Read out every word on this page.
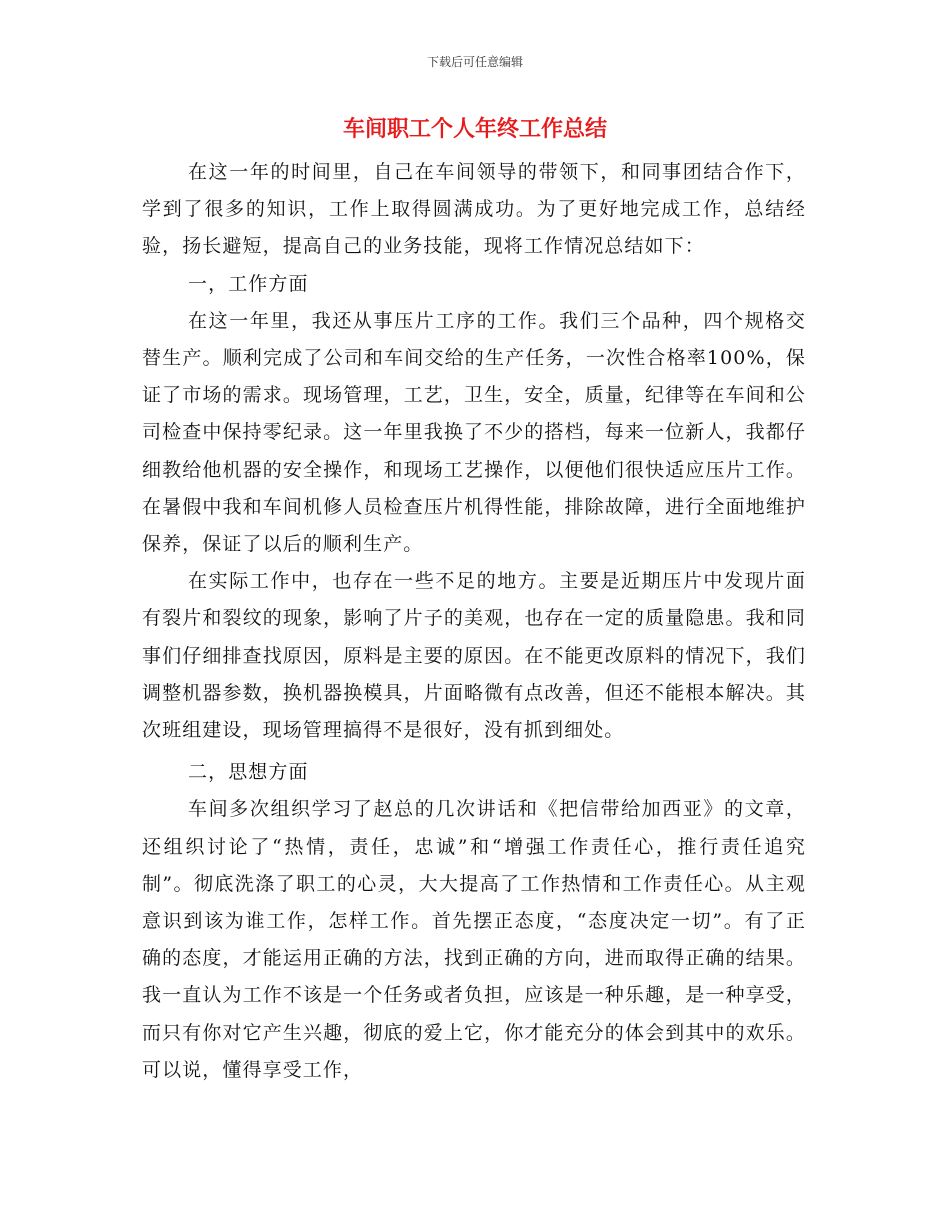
下载后可任意编辑
车间职工个人年终工作总结

在这一年的时间里，自己在车间领导的带领下，和同事团结合作下，学到了很多的知识，工作上取得圆满成功。为了更好地完成工作，总结经验，扬长避短，提高自己的业务技能，现将工作情况总结如下：

一，工作方面

在这一年里，我还从事压片工序的工作。我们三个品种，四个规格交替生产。顺利完成了公司和车间交给的生产任务，一次性合格率100%，保证了市场的需求。现场管理，工艺，卫生，安全，质量，纪律等在车间和公司检查中保持零纪录。这一年里我换了不少的搭档，每来一位新人，我都仔细教给他机器的安全操作，和现场工艺操作，以便他们很快适应压片工作。在暑假中我和车间机修人员检查压片机得性能，排除故障，进行全面地维护保养，保证了以后的顺利生产。

在实际工作中，也存在一些不足的地方。主要是近期压片中发现片面有裂片和裂纹的现象，影响了片子的美观，也存在一定的质量隐患。我和同事们仔细排查找原因，原料是主要的原因。在不能更改原料的情况下，我们调整机器参数，换机器换模具，片面略微有点改善，但还不能根本解决。其次班组建设，现场管理搞得不是很好，没有抓到细处。

二，思想方面

车间多次组织学习了赵总的几次讲话和《把信带给加西亚》的文章，还组织讨论了“热情，责任，忠诚”和“增强工作责任心，推行责任追究制”。彻底洗涤了职工的心灵，大大提高了工作热情和工作责任心。从主观意识到该为谁工作，怎样工作。首先摆正态度，“态度决定一切”。有了正确的态度，才能运用正确的方法，找到正确的方向，进而取得正确的结果。我一直认为工作不该是一个任务或者负担，应该是一种乐趣，是一种享受，而只有你对它产生兴趣，彻底的爱上它，你才能充分的体会到其中的欢乐。可以说，懂得享受工作，
